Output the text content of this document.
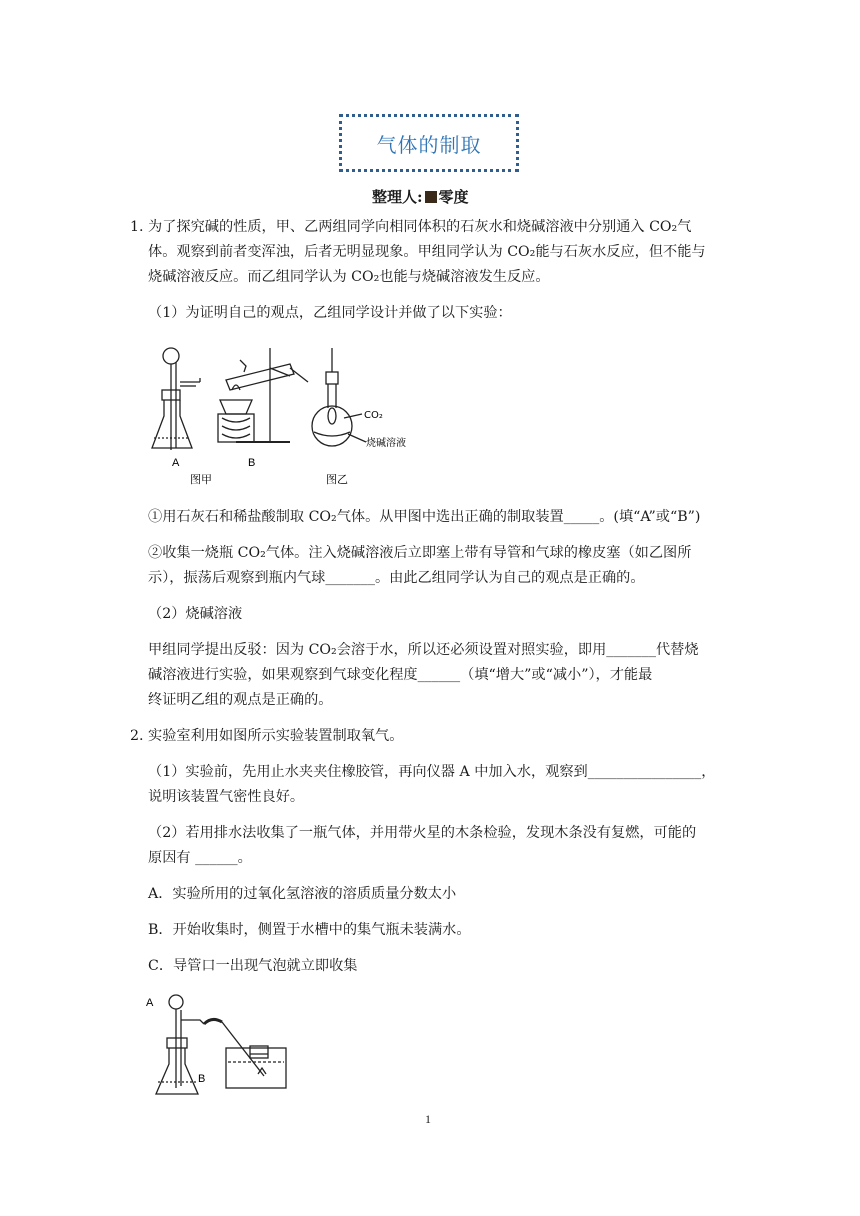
气体的制取
整理人: 零度
1. 为了探究碱的性质，甲、乙两组同学向相同体积的石灰水和烧碱溶液中分别通入 CO₂气
体。观察到前者变浑浊，后者无明显现象。甲组同学认为 CO₂能与石灰水反应，但不能与
烧碱溶液反应。而乙组同学认为 CO₂也能与烧碱溶液发生反应。
（1）为证明自己的观点，乙组同学设计并做了以下实验：
A	B
图甲	图乙
CO₂
烧碱溶液
①用石灰石和稀盐酸制取 CO₂气体。从甲图中选出正确的制取装置_____。(填“A”或“B”)
②收集一烧瓶 CO₂气体。注入烧碱溶液后立即塞上带有导管和气球的橡皮塞（如乙图所
示），振荡后观察到瓶内气球_______。由此乙组同学认为自己的观点是正确的。
（2）烧碱溶液
甲组同学提出反驳：因为 CO₂会溶于水，所以还必须设置对照实验，即用_______代替烧
碱溶液进行实验，如果观察到气球变化程度______（填“增大”或“减小”），才能最
终证明乙组的观点是正确的。
2. 实验室利用如图所示实验装置制取氧气。
（1）实验前，先用止水夹夹住橡胶管，再向仪器 A 中加入水，观察到________________，
说明该装置气密性良好。
（2）若用排水法收集了一瓶气体，并用带火星的木条检验，发现木条没有复燃，可能的
原因有 ______。
A．实验所用的过氧化氢溶液的溶质质量分数太小
B．开始收集时，侧置于水槽中的集气瓶未装满水。
C．导管口一出现气泡就立即收集
A
B
1
